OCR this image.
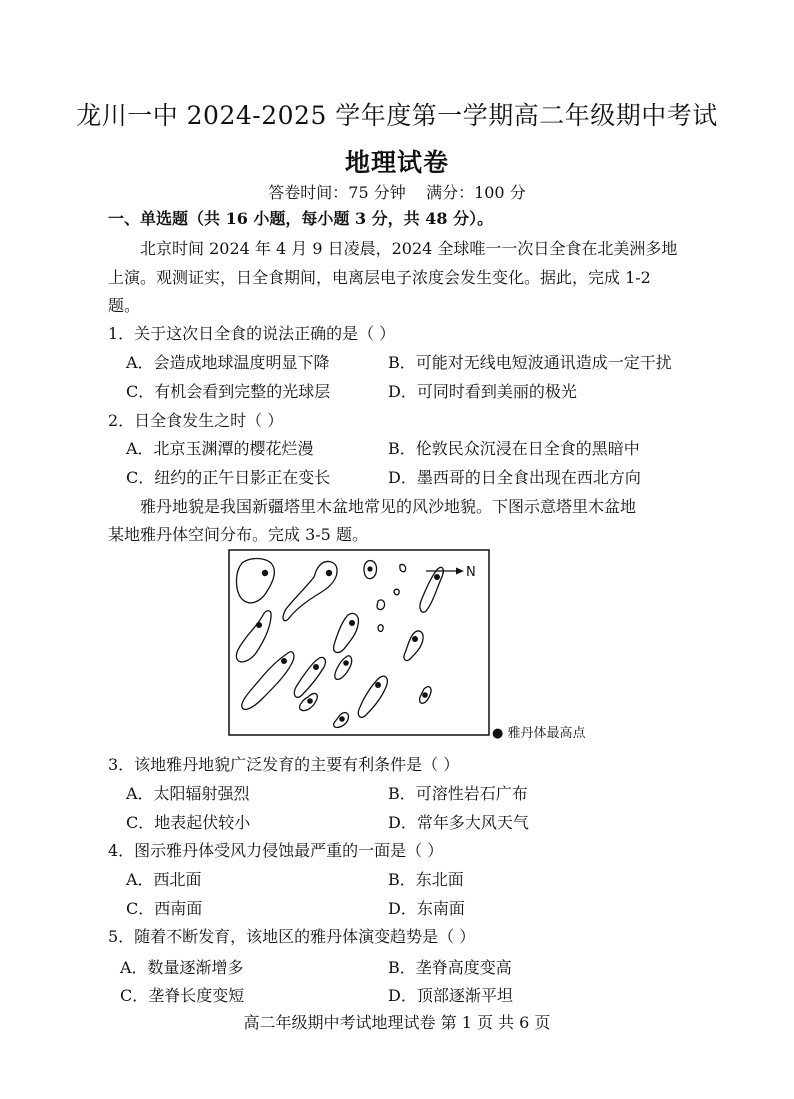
龙川一中 2024-2025 学年度第一学期高二年级期中考试
地理试卷
答卷时间：75 分钟    满分：100 分
一、单选题（共 16 小题，每小题 3 分，共 48 分）。
北京时间 2024 年 4 月 9 日凌晨，2024 全球唯一一次日全食在北美洲多地
上演。观测证实，日全食期间，电离层电子浓度会发生变化。据此，完成 1-2
题。
1．关于这次日全食的说法正确的是（ ）
A．会造成地球温度明显下降	B．可能对无线电短波通讯造成一定干扰
C．有机会看到完整的光球层	D．可同时看到美丽的极光
2．日全食发生之时（ ）
A．北京玉渊潭的樱花烂漫	B．伦敦民众沉浸在日全食的黑暗中
C．纽约的正午日影正在变长	D．墨西哥的日全食出现在西北方向
雅丹地貌是我国新疆塔里木盆地常见的风沙地貌。下图示意塔里木盆地
某地雅丹体空间分布。完成 3-5 题。
N
● 雅丹体最高点
3．该地雅丹地貌广泛发育的主要有利条件是（ ）
A．太阳辐射强烈	B．可溶性岩石广布
C．地表起伏较小	D．常年多大风天气
4．图示雅丹体受风力侵蚀最严重的一面是（ ）
A．西北面	B．东北面
C．西南面	D．东南面
5．随着不断发育，该地区的雅丹体演变趋势是（ ）
A．数量逐渐增多	B．垄脊高度变高
C．垄脊长度变短	D．顶部逐渐平坦
高二年级期中考试地理试卷 第 1 页 共 6 页
